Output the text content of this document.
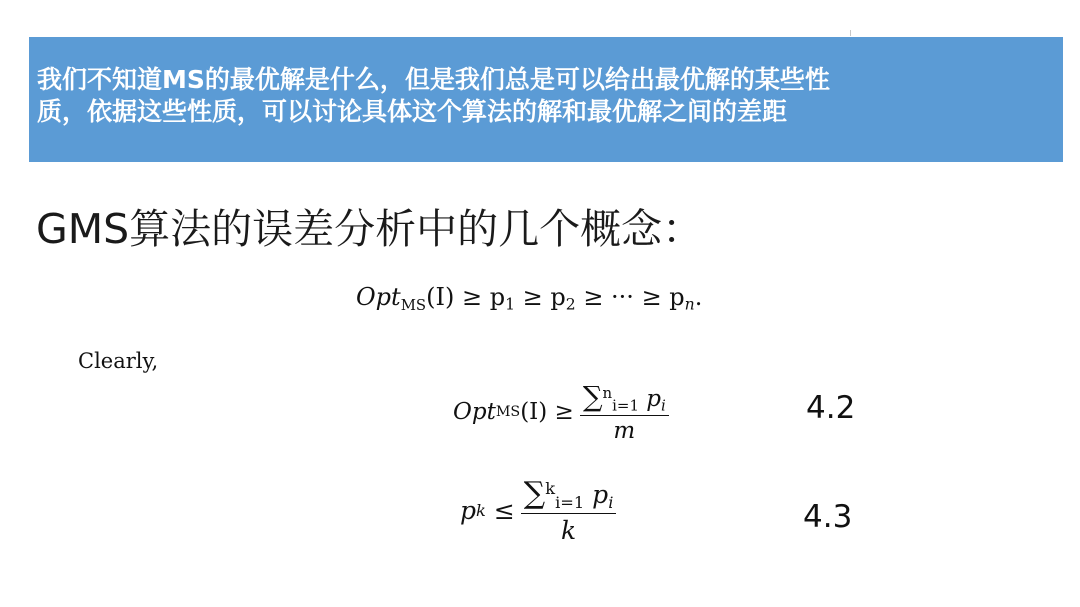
我们不知道MS的最优解是什么，但是我们总是可以给出最优解的某些性
质，依据这些性质，可以讨论具体这个算法的解和最优解之间的差距
GMS算法的误差分析中的几个概念：
Opt$_{MS}$(I) ≥ p1 ≥ p2 ≥ ··· ≥ pn.
Clearly,
Opt MS (I)
≥ $\frac{\sum^ni=1 pi}{m}$	4.2
p k
≤ $\frac{\sum^ki=1 pi}{k}$	4.3
